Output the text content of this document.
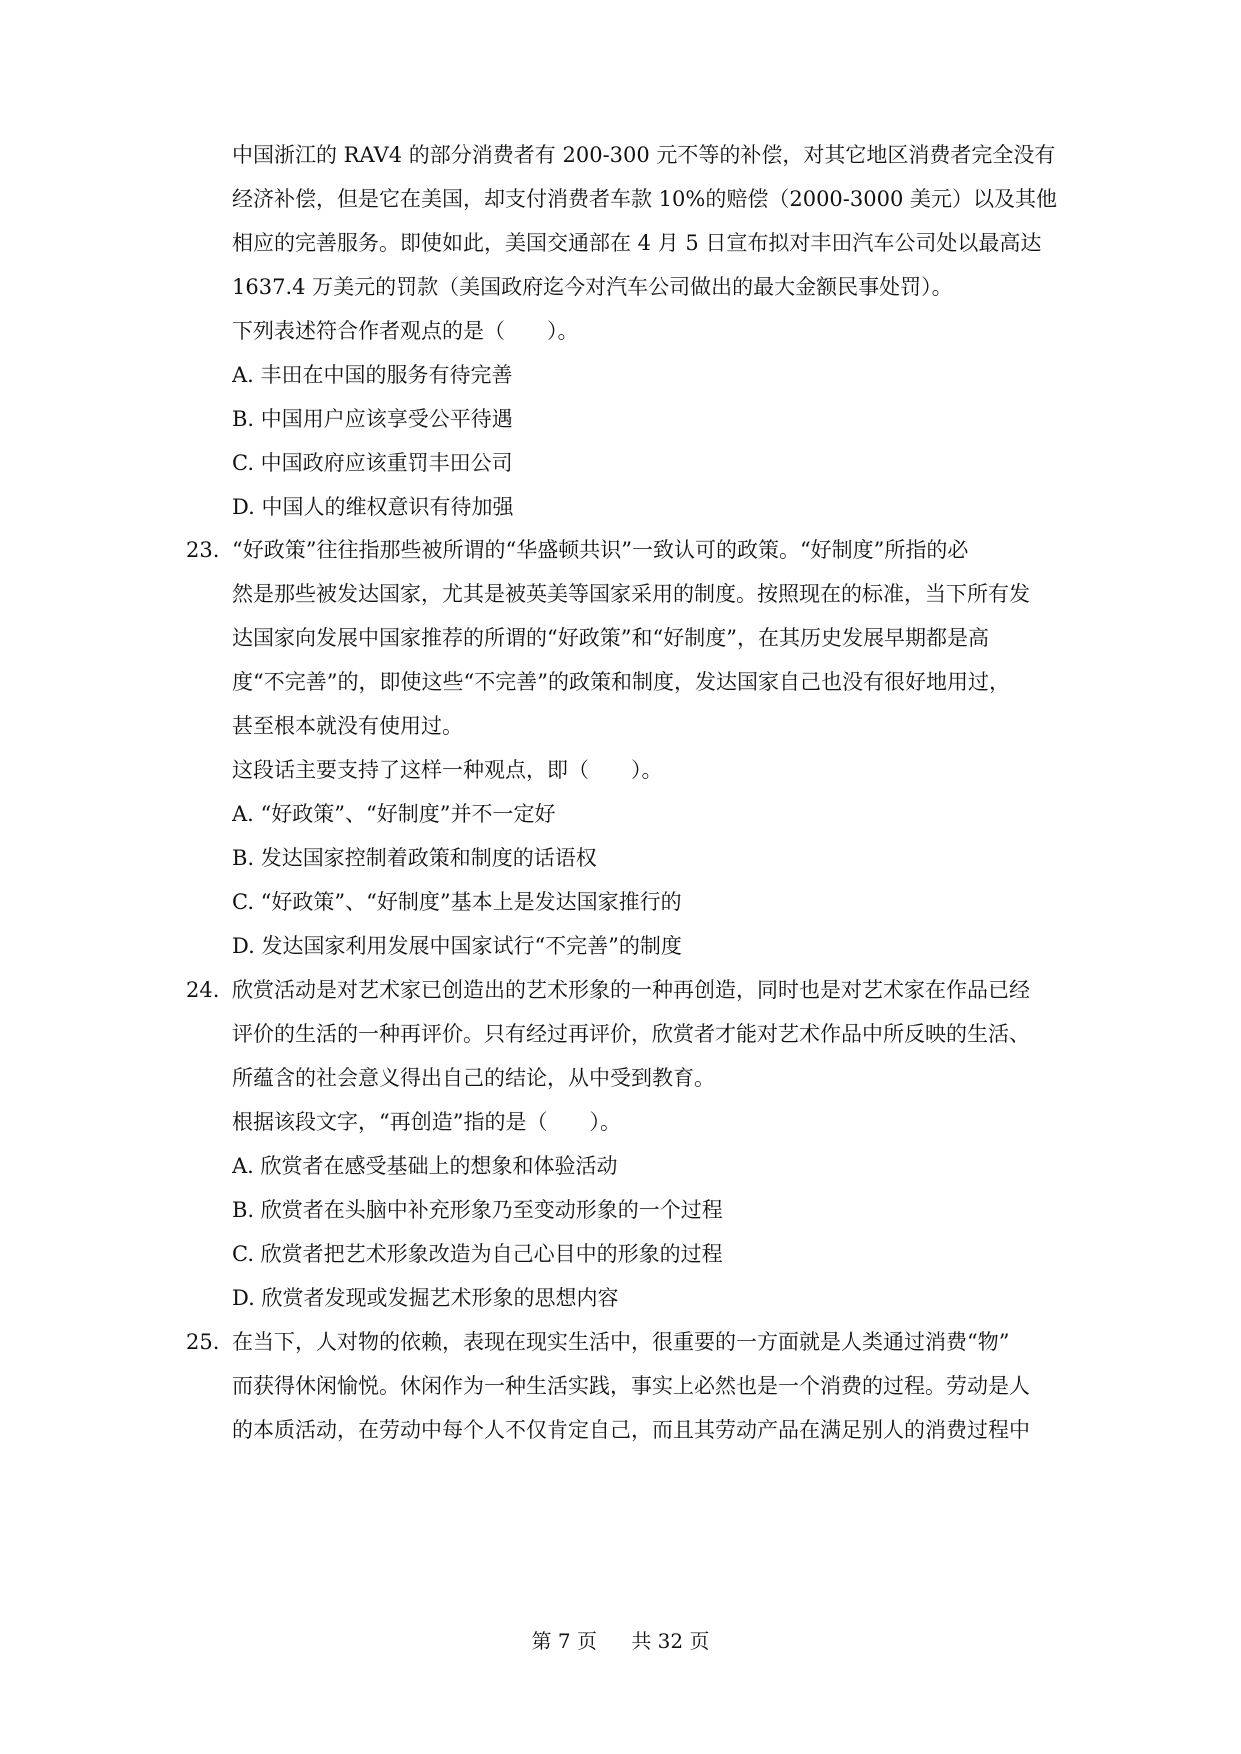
中国浙江的 RAV4 的部分消费者有 200-300 元不等的补偿，对其它地区消费者完全没有
经济补偿，但是它在美国，却支付消费者车款 10%的赔偿（2000-3000 美元）以及其他
相应的完善服务。即使如此，美国交通部在 4 月 5 日宣布拟对丰田汽车公司处以最高达
1637.4 万美元的罚款（美国政府迄今对汽车公司做出的最大金额民事处罚）。
下列表述符合作者观点的是（　　）。
A. 丰田在中国的服务有待完善
B. 中国用户应该享受公平待遇
C. 中国政府应该重罚丰田公司
D. 中国人的维权意识有待加强
23. “好政策”往往指那些被所谓的“华盛顿共识”一致认可的政策。“好制度”所指的必
然是那些被发达国家，尤其是被英美等国家采用的制度。按照现在的标准，当下所有发
达国家向发展中国家推荐的所谓的“好政策”和“好制度”，在其历史发展早期都是高
度“不完善”的，即使这些“不完善”的政策和制度，发达国家自己也没有很好地用过，
甚至根本就没有使用过。
这段话主要支持了这样一种观点，即（　　）。
A. “好政策”、“好制度”并不一定好
B. 发达国家控制着政策和制度的话语权
C. “好政策”、“好制度”基本上是发达国家推行的
D. 发达国家利用发展中国家试行“不完善”的制度
24. 欣赏活动是对艺术家已创造出的艺术形象的一种再创造，同时也是对艺术家在作品已经
评价的生活的一种再评价。只有经过再评价，欣赏者才能对艺术作品中所反映的生活、
所蕴含的社会意义得出自己的结论，从中受到教育。
根据该段文字，“再创造”指的是（　　）。
A. 欣赏者在感受基础上的想象和体验活动
B. 欣赏者在头脑中补充形象乃至变动形象的一个过程
C. 欣赏者把艺术形象改造为自己心目中的形象的过程
D. 欣赏者发现或发掘艺术形象的思想内容
25. 在当下，人对物的依赖，表现在现实生活中，很重要的一方面就是人类通过消费“物”
而获得休闲愉悦。休闲作为一种生活实践，事实上必然也是一个消费的过程。劳动是人
的本质活动，在劳动中每个人不仅肯定自己，而且其劳动产品在满足别人的消费过程中
第 7 页 共 32 页
